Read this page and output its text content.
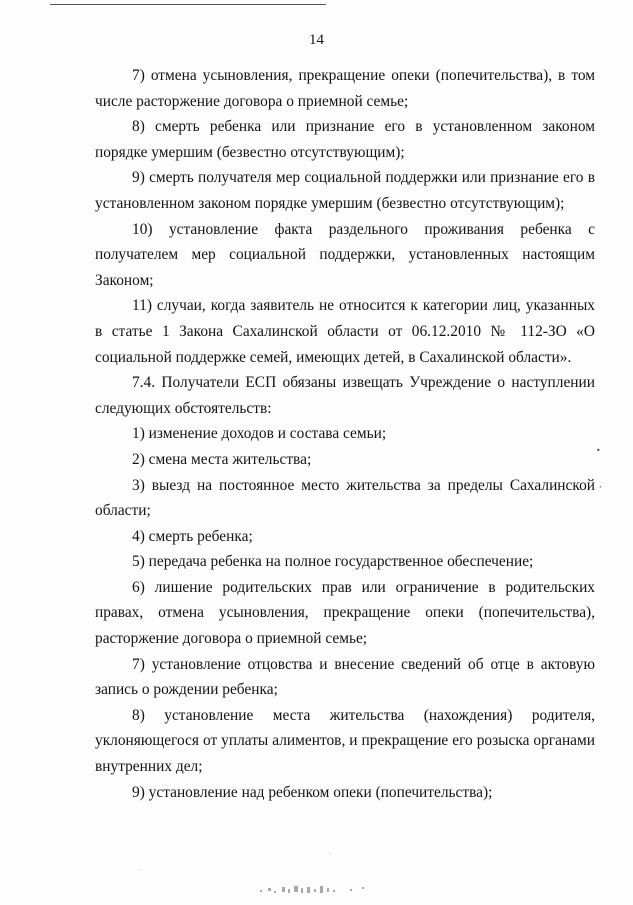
14

7) отмена усыновления, прекращение опеки (попечительства), в том числе расторжение договора о приемной семье;

8) смерть ребенка или признание его в установленном законом порядке умершим (безвестно отсутствующим);

9) смерть получателя мер социальной поддержки или признание его в установленном законом порядке умершим (безвестно отсутствующим);

10) установление факта раздельного проживания ребенка с получателем мер социальной поддержки, установленных настоящим Законом;

11) случаи, когда заявитель не относится к категории лиц, указанных в статье 1 Закона Сахалинской области от 06.12.2010 № 112-ЗО «О социальной поддержке семей, имеющих детей, в Сахалинской области».

7.4. Получатели ЕСП обязаны извещать Учреждение о наступлении следующих обстоятельств:

1) изменение доходов и состава семьи;

2) смена места жительства;

3) выезд на постоянное место жительства за пределы Сахалинской области;

4) смерть ребенка;

5) передача ребенка на полное государственное обеспечение;

6) лишение родительских прав или ограничение в родительских правах, отмена усыновления, прекращение опеки (попечительства), расторжение договора о приемной семье;

7) установление отцовства и внесение сведений об отце в актовую запись о рождении ребенка;

8) установление места жительства (нахождения) родителя, уклоняющегося от уплаты алиментов, и прекращение его розыска органами внутренних дел;

9) установление над ребенком опеки (попечительства);

•
‚
·
·
